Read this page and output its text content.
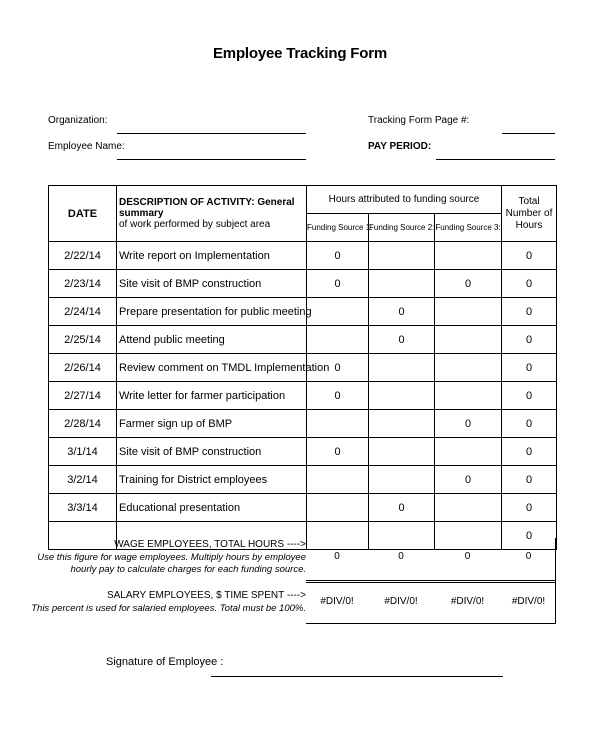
Employee Tracking Form
Organization:
Employee Name:
Tracking Form Page #:
PAY PERIOD:
DATE	DESCRIPTION OF ACTIVITY: General summary
of work performed by subject area	Hours attributed to funding source			Total
Number of
Hours
		Funding Source 1:	Funding Source 2:	Funding Source 3:	
2/22/14	Write report on Implementation	0			0
2/23/14	Site visit of BMP construction	0		0	0
2/24/14	Prepare presentation for public meeting		0		0
2/25/14	Attend public meeting		0		0
2/26/14	Review comment on TMDL Implementation	0			0
2/27/14	Write letter for farmer participation	0			0
2/28/14	Farmer sign up of BMP			0	0
3/1/14	Site visit of BMP construction	0			0
3/2/14	Training for District employees			0	0
3/3/14	Educational presentation		0		0
					0
WAGE EMPLOYEES, TOTAL HOURS ---->
Use this figure for wage employees. Multiply hours by employee
hourly pay to calculate charges for each funding source.
0	0	0	0
SALARY EMPLOYEES, $ TIME SPENT ---->
This percent is used for salaried employees. Total must be 100%.
#DIV/0!	#DIV/0!	#DIV/0!	#DIV/0!
Signature of Employee :
